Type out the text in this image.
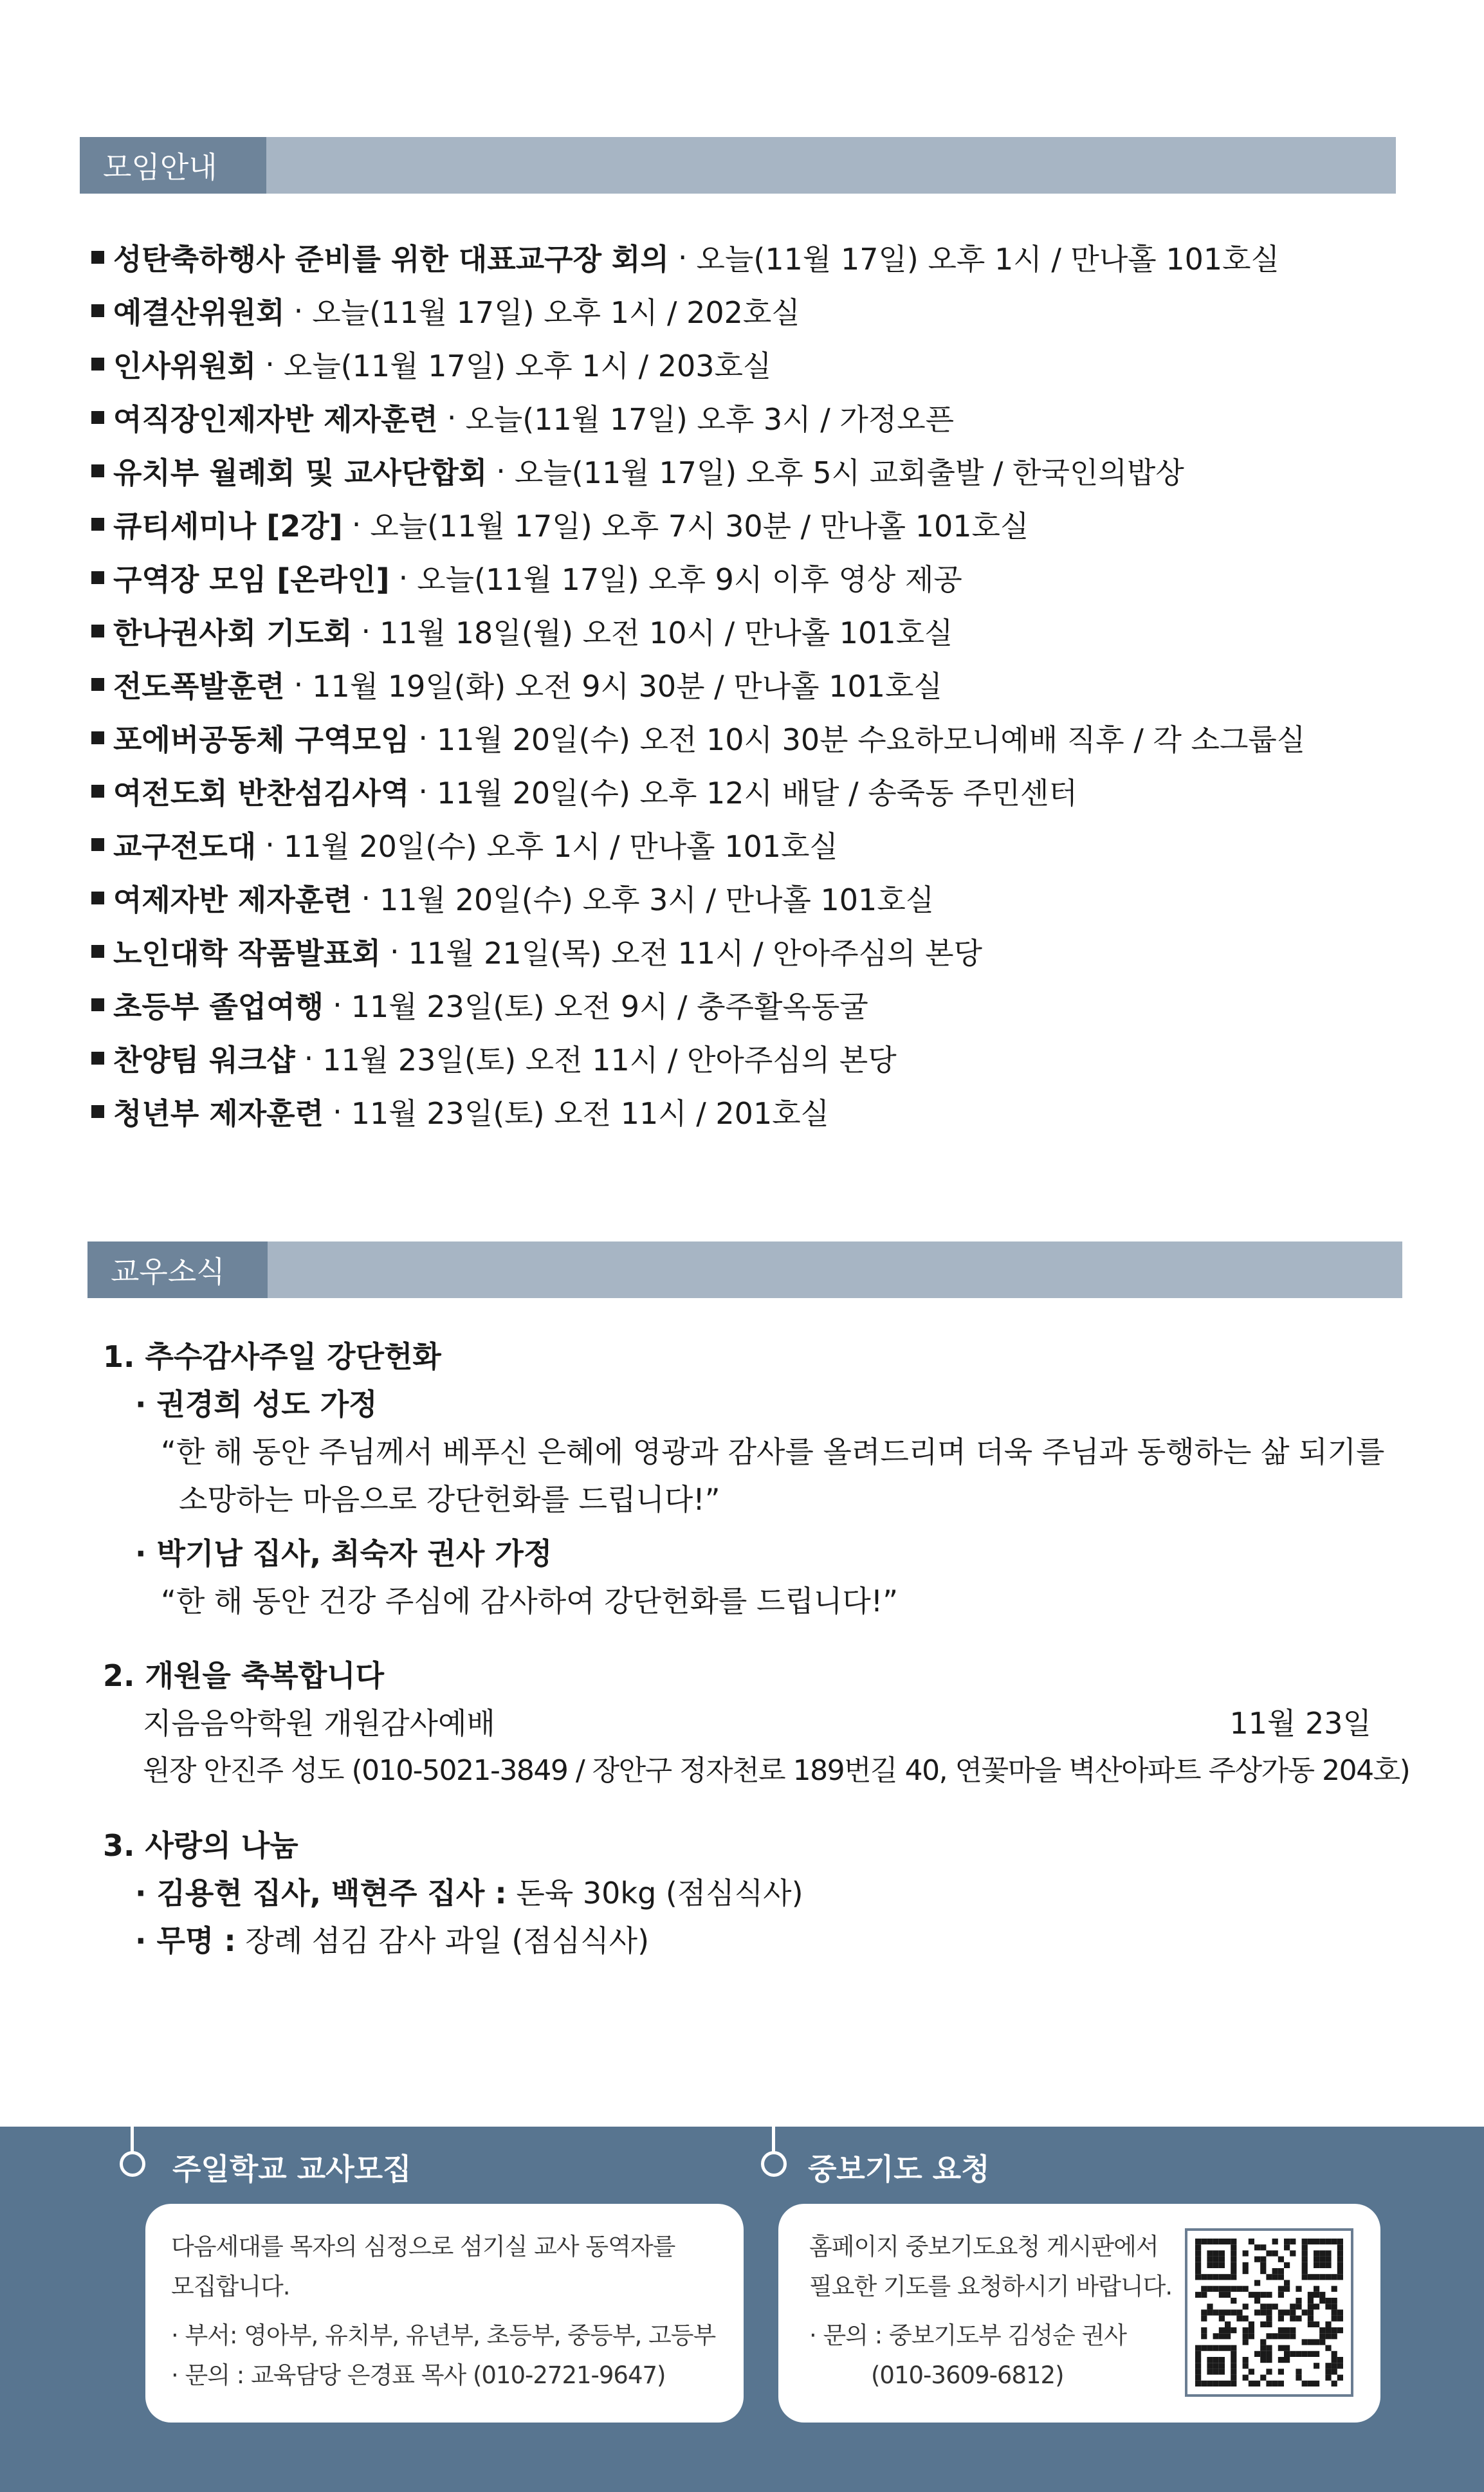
모임안내
성탄축하행사 준비를 위한 대표교구장 회의 · 오늘(11월 17일) 오후 1시 / 만나홀 101호실
예결산위원회 · 오늘(11월 17일) 오후 1시 / 202호실
인사위원회 · 오늘(11월 17일) 오후 1시 / 203호실
여직장인제자반 제자훈련 · 오늘(11월 17일) 오후 3시 / 가정오픈
유치부 월례회 및 교사단합회 · 오늘(11월 17일) 오후 5시 교회출발 / 한국인의밥상
큐티세미나 [2강] · 오늘(11월 17일) 오후 7시 30분 / 만나홀 101호실
구역장 모임 [온라인] · 오늘(11월 17일) 오후 9시 이후 영상 제공
한나권사회 기도회 · 11월 18일(월) 오전 10시 / 만나홀 101호실
전도폭발훈련 · 11월 19일(화) 오전 9시 30분 / 만나홀 101호실
포에버공동체 구역모임 · 11월 20일(수) 오전 10시 30분 수요하모니예배 직후 / 각 소그룹실
여전도회 반찬섬김사역 · 11월 20일(수) 오후 12시 배달 / 송죽동 주민센터
교구전도대 · 11월 20일(수) 오후 1시 / 만나홀 101호실
여제자반 제자훈련 · 11월 20일(수) 오후 3시 / 만나홀 101호실
노인대학 작품발표회 · 11월 21일(목) 오전 11시 / 안아주심의 본당
초등부 졸업여행 · 11월 23일(토) 오전 9시 / 충주활옥동굴
찬양팀 워크샵 · 11월 23일(토) 오전 11시 / 안아주심의 본당
청년부 제자훈련 · 11월 23일(토) 오전 11시 / 201호실
교우소식
1. 추수감사주일 강단헌화
· 권경희 성도 가정
“한 해 동안 주님께서 베푸신 은혜에 영광과 감사를 올려드리며 더욱 주님과 동행하는 삶 되기를
소망하는 마음으로 강단헌화를 드립니다!”
· 박기남 집사, 최숙자 권사 가정
“한 해 동안 건강 주심에 감사하여 강단헌화를 드립니다!”
2. 개원을 축복합니다
지음음악학원 개원감사예배	11월 23일
원장 안진주 성도 (010-5021-3849 / 장안구 정자천로 189번길 40, 연꽃마을 벽산아파트 주상가동 204호)
3. 사랑의 나눔
· 김용현 집사, 백현주 집사 : 돈육 30kg (점심식사)
· 무명 : 장례 섬김 감사 과일 (점심식사)
주일학교 교사모집
다음세대를 목자의 심정으로 섬기실 교사 동역자를
모집합니다.
· 부서: 영아부, 유치부, 유년부, 초등부, 중등부, 고등부
· 문의 : 교육담당 은경표 목사 (010-2721-9647)
중보기도 요청
홈페이지 중보기도요청 게시판에서
필요한 기도를 요청하시기 바랍니다.
· 문의 : 중보기도부 김성순 권사
(010-3609-6812)
